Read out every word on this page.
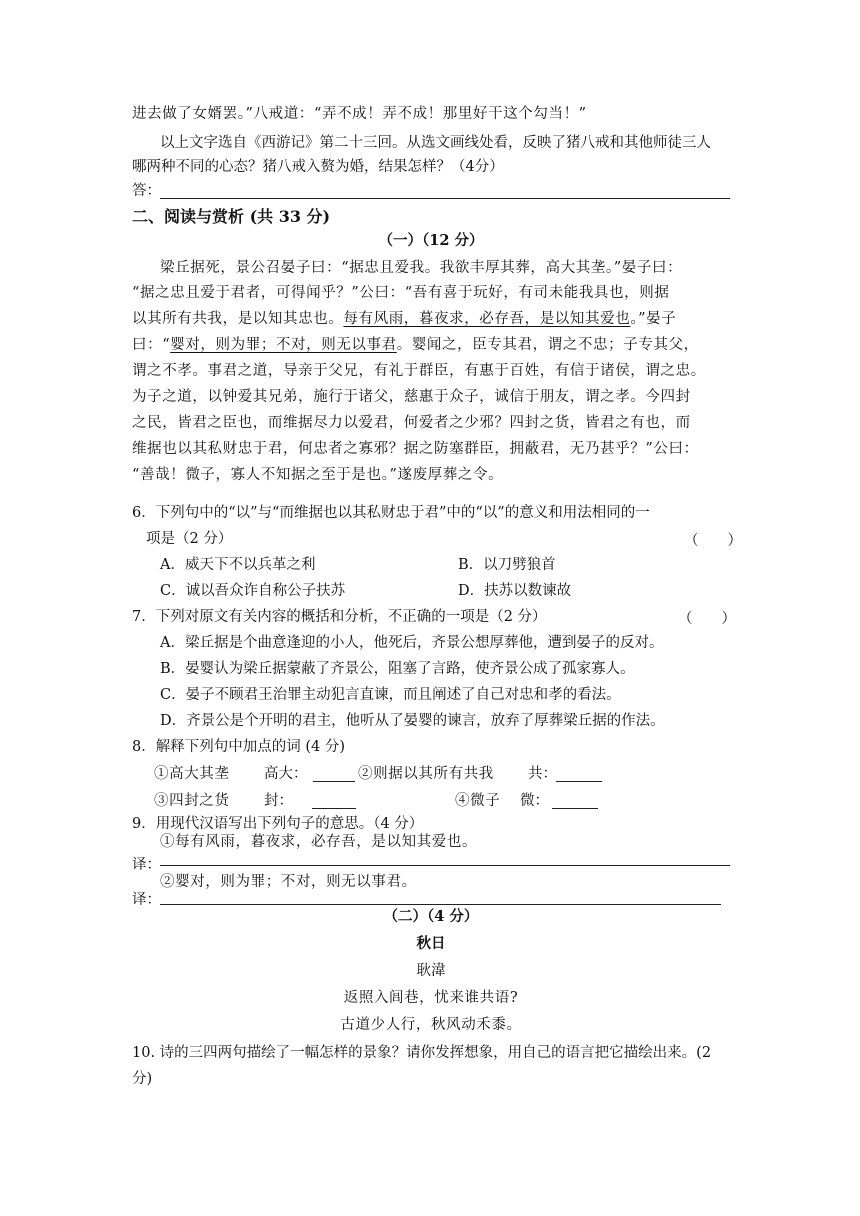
进去做了女婿罢。”八戒道：“弄不成！弄不成！那里好干这个勾当！”
以上文字选自《西游记》第二十三回。从选文画线处看，反映了猪八戒和其他师徒三人
哪两种不同的心态？猪八戒入赘为婚，结果怎样？（4分）
答：
二、阅读与赏析 (共 33 分)
（一）（12 分）
梁丘据死，景公召晏子曰：“据忠且爱我。我欲丰厚其葬，高大其垄。”晏子曰：
“据之忠且爱于君者，可得闻乎？”公曰：“吾有喜于玩好，有司未能我具也，则据
以其所有共我，是以知其忠也。每有风雨，暮夜求，必存吾，是以知其爱也。”晏子
曰：“婴对，则为罪；不对，则无以事君。婴闻之，臣专其君，谓之不忠；子专其父，
谓之不孝。事君之道，导亲于父兄，有礼于群臣，有惠于百姓，有信于诸侯，谓之忠。
为子之道，以钟爱其兄弟，施行于诸父，慈惠于众子，诚信于朋友，谓之孝。今四封
之民，皆君之臣也，而维据尽力以爱君，何爱者之少邪？四封之货，皆君之有也，而
维据也以其私财忠于君，何忠者之寡邪？据之防塞群臣，拥蔽君，无乃甚乎？”公曰：
“善哉！微子，寡人不知据之至于是也。”遂废厚葬之令。
6．下列句中的“以”与“而维据也以其私财忠于君”中的“以”的意义和用法相同的一
项是（2 分）	（　　）
A．威天下不以兵革之利	B．以刀劈狼首
C．诚以吾众诈自称公子扶苏	D．扶苏以数谏故
7．下列对原文有关内容的概括和分析，不正确的一项是（2 分）	（　　）
A．梁丘据是个曲意逢迎的小人，他死后，齐景公想厚葬他，遭到晏子的反对。
B．晏婴认为梁丘据蒙蔽了齐景公，阻塞了言路，使齐景公成了孤家寡人。
C．晏子不顾君王治罪主动犯言直谏，而且阐述了自己对忠和孝的看法。
D．齐景公是个开明的君主，他听从了晏婴的谏言，放弃了厚葬梁丘据的作法。
8．解释下列句中加点的词 (4 分)
①高大其垄	高大：	②则据以其所有共我	共：
③四封之货	封：	④微子	微：
9．用现代汉语写出下列句子的意思。（4 分）
①每有风雨，暮夜求，必存吾，是以知其爱也。
译：
②婴对，则为罪；不对，则无以事君。
译：
（二）（4 分）
秋日
耿湋
返照入闾巷，忧来谁共语?
古道少人行，秋风动禾黍。
10. 诗的三四两句描绘了一幅怎样的景象？请你发挥想象，用自己的语言把它描绘出来。(2
分)
